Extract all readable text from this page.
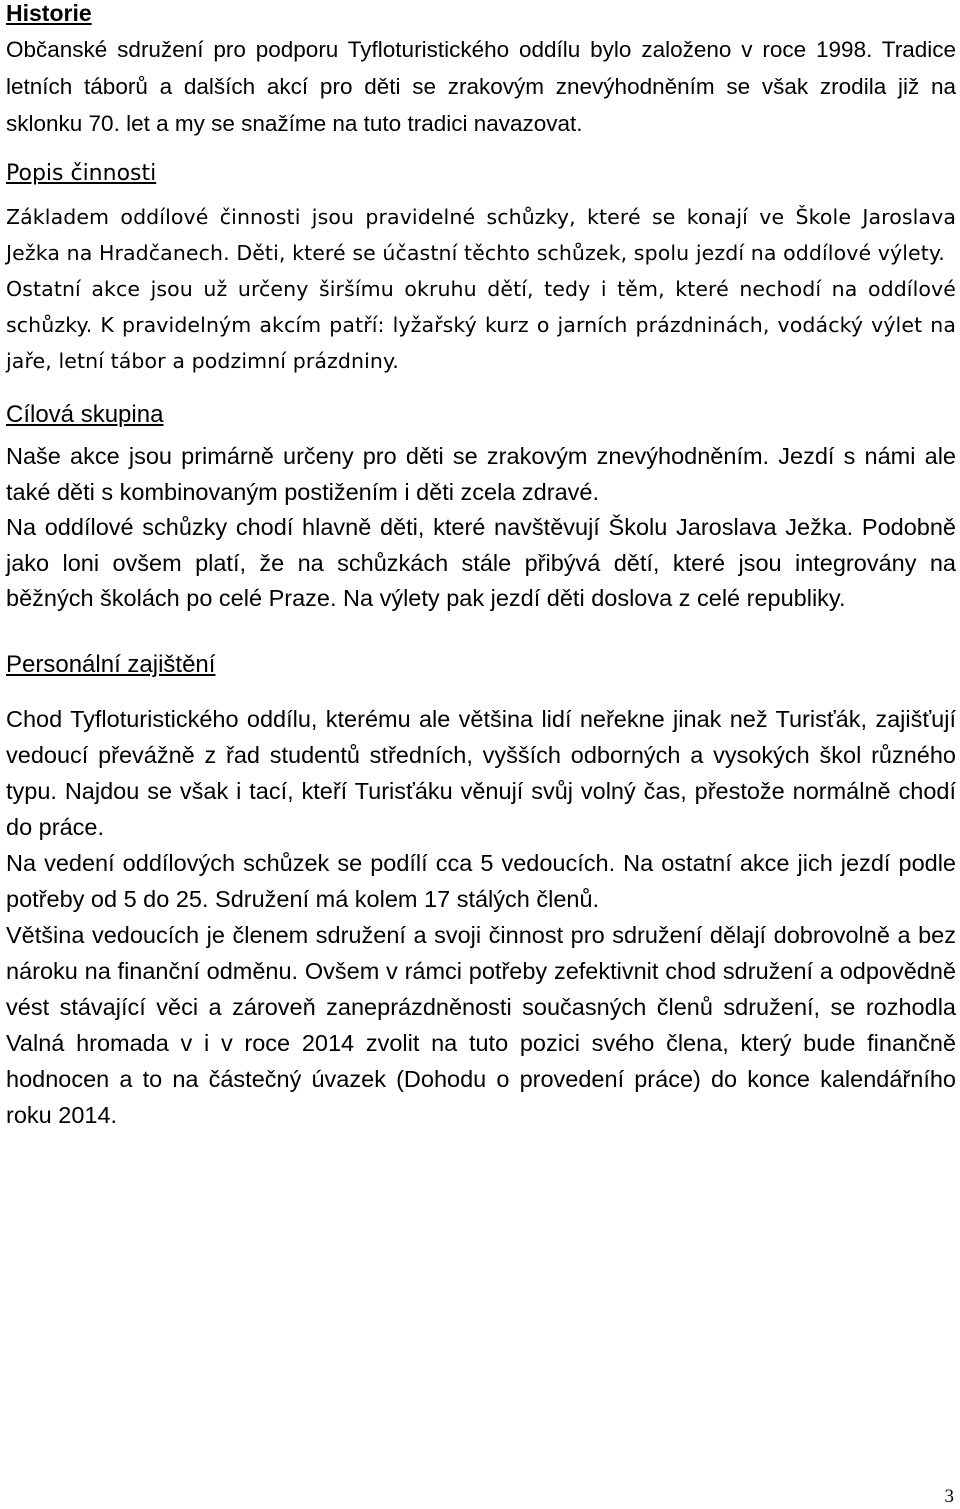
Historie

Občanské sdružení pro podporu Tyfloturistického oddílu bylo založeno v roce 1998. Tradice letních táborů a dalších akcí pro děti se zrakovým znevýhodněním se však zrodila již na sklonku 70. let a my se snažíme na tuto tradici navazovat.

Popis činnosti

Základem oddílové činnosti jsou pravidelné schůzky, které se konají ve Škole Jaroslava Ježka na Hradčanech. Děti, které se účastní těchto schůzek, spolu jezdí na oddílové výlety.

Ostatní akce jsou už určeny širšímu okruhu dětí, tedy i těm, které nechodí na oddílové schůzky. K pravidelným akcím patří: lyžařský kurz o jarních prázdninách, vodácký výlet na jaře, letní tábor a podzimní prázdniny.

Cílová skupina

Naše akce jsou primárně určeny pro děti se zrakovým znevýhodněním. Jezdí s námi ale také děti s kombinovaným postižením i děti zcela zdravé.

Na oddílové schůzky chodí hlavně děti, které navštěvují Školu Jaroslava Ježka. Podobně jako loni ovšem platí, že na schůzkách stále přibývá dětí, které jsou integrovány na běžných školách po celé Praze. Na výlety pak jezdí děti doslova z celé republiky.

Personální zajištění

Chod Tyfloturistického oddílu, kterému ale většina lidí neřekne jinak než Turisťák, zajišťují vedoucí převážně z řad studentů středních, vyšších odborných a vysokých škol různého typu. Najdou se však i tací, kteří Turisťáku věnují svůj volný čas, přestože normálně chodí do práce.

Na vedení oddílových schůzek se podílí cca 5 vedoucích. Na ostatní akce jich jezdí podle potřeby od 5 do 25. Sdružení má kolem 17 stálých členů.

Většina vedoucích je členem sdružení a svoji činnost pro sdružení dělají dobrovolně a bez nároku na finanční odměnu. Ovšem v rámci potřeby zefektivnit chod sdružení a odpovědně vést stávající věci a zároveň zaneprázdněnosti současných členů sdružení, se rozhodla Valná hromada v i v roce 2014 zvolit na tuto pozici svého člena, který bude finančně hodnocen a to na částečný úvazek (Dohodu o provedení práce) do konce kalendářního roku 2014.

3
